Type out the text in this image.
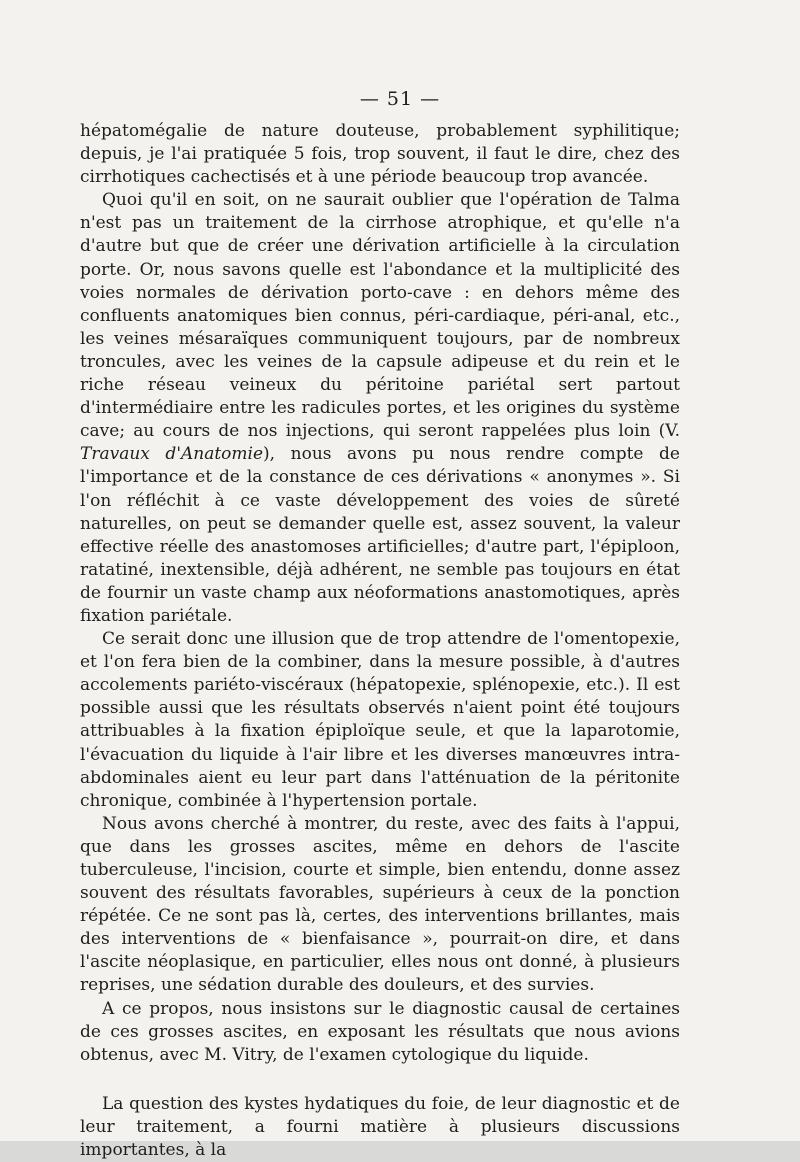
— 51 —

hépatomégalie de nature douteuse, probablement syphilitique; depuis, je l'ai pratiquée 5 fois, trop souvent, il faut le dire, chez des cirrhotiques cachectisés et à une période beaucoup trop avancée.

Quoi qu'il en soit, on ne saurait oublier que l'opération de Talma n'est pas un traitement de la cirrhose atrophique, et qu'elle n'a d'autre but que de créer une dérivation artificielle à la circulation porte. Or, nous savons quelle est l'abondance et la multiplicité des voies normales de dérivation porto-cave : en dehors même des confluents anatomiques bien connus, péri-cardiaque, péri-anal, etc., les veines mésaraïques communiquent toujours, par de nombreux troncules, avec les veines de la capsule adipeuse et du rein et le riche réseau veineux du péritoine pariétal sert partout d'intermédiaire entre les radicules portes, et les origines du système cave; au cours de nos injections, qui seront rappelées plus loin (V. Travaux d'Anatomie), nous avons pu nous rendre compte de l'importance et de la constance de ces dérivations « anonymes ». Si l'on réfléchit à ce vaste développement des voies de sûreté naturelles, on peut se demander quelle est, assez souvent, la valeur effective réelle des anastomoses artificielles; d'autre part, l'épiploon, ratatiné, inextensible, déjà adhérent, ne semble pas toujours en état de fournir un vaste champ aux néoformations anastomotiques, après fixation pariétale.

Ce serait donc une illusion que de trop attendre de l'omentopexie, et l'on fera bien de la combiner, dans la mesure possible, à d'autres accolements pariéto-viscéraux (hépatopexie, splénopexie, etc.). Il est possible aussi que les résultats observés n'aient point été toujours attribuables à la fixation épiploïque seule, et que la laparotomie, l'évacuation du liquide à l'air libre et les diverses manœuvres intra-abdominales aient eu leur part dans l'atténuation de la péritonite chronique, combinée à l'hypertension portale.

Nous avons cherché à montrer, du reste, avec des faits à l'appui, que dans les grosses ascites, même en dehors de l'ascite tuberculeuse, l'incision, courte et simple, bien entendu, donne assez souvent des résultats favorables, supérieurs à ceux de la ponction répétée. Ce ne sont pas là, certes, des interventions brillantes, mais des interventions de « bienfaisance », pourrait-on dire, et dans l'ascite néoplasique, en particulier, elles nous ont donné, à plusieurs reprises, une sédation durable des douleurs, et des survies.

A ce propos, nous insistons sur le diagnostic causal de certaines de ces grosses ascites, en exposant les résultats que nous avions obtenus, avec M. Vitry, de l'examen cytologique du liquide.

La question des kystes hydatiques du foie, de leur diagnostic et de leur traitement, a fourni matière à plusieurs discussions importantes, à la
